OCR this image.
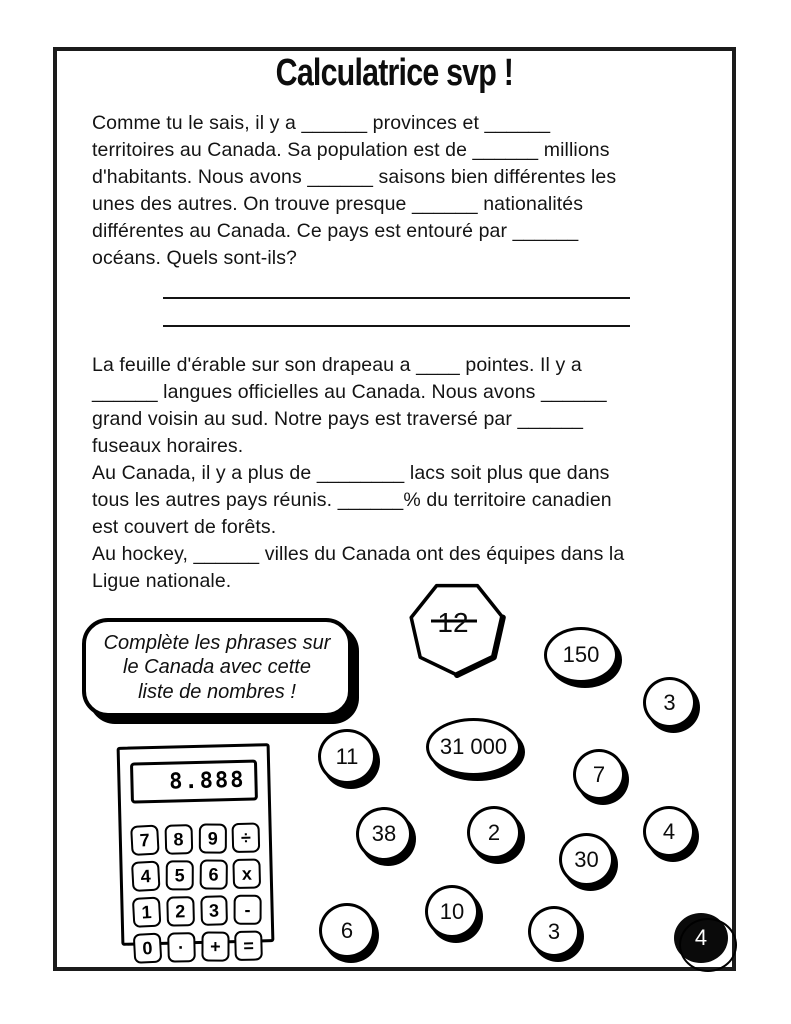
Calculatrice svp !
Comme tu le sais, il y a ______ provinces et ______
territoires au Canada. Sa population est de ______ millions
d'habitants. Nous avons ______ saisons bien différentes les
unes des autres. On trouve presque ______ nationalités
différentes au Canada. Ce pays est entouré par ______
océans. Quels sont-ils?
La feuille d'érable sur son drapeau a ____ pointes. Il y a
______ langues officielles au Canada. Nous avons ______
grand voisin au sud. Notre pays est traversé par ______
fuseaux horaires.
Au Canada, il y a plus de ________ lacs soit plus que dans
tous les autres pays réunis. ______% du territoire canadien
est couvert de forêts.
Au hockey, ______ villes du Canada ont des équipes dans la
Ligue nationale.
Complète les phrases sur
le Canada avec cette
liste de nombres !
8.888
7	8	9	÷
4	5	6	x
1	2	3	-
0	·	+	=
12
150
3
11	31 000
7
38	2	4
30
10
6	3	4
